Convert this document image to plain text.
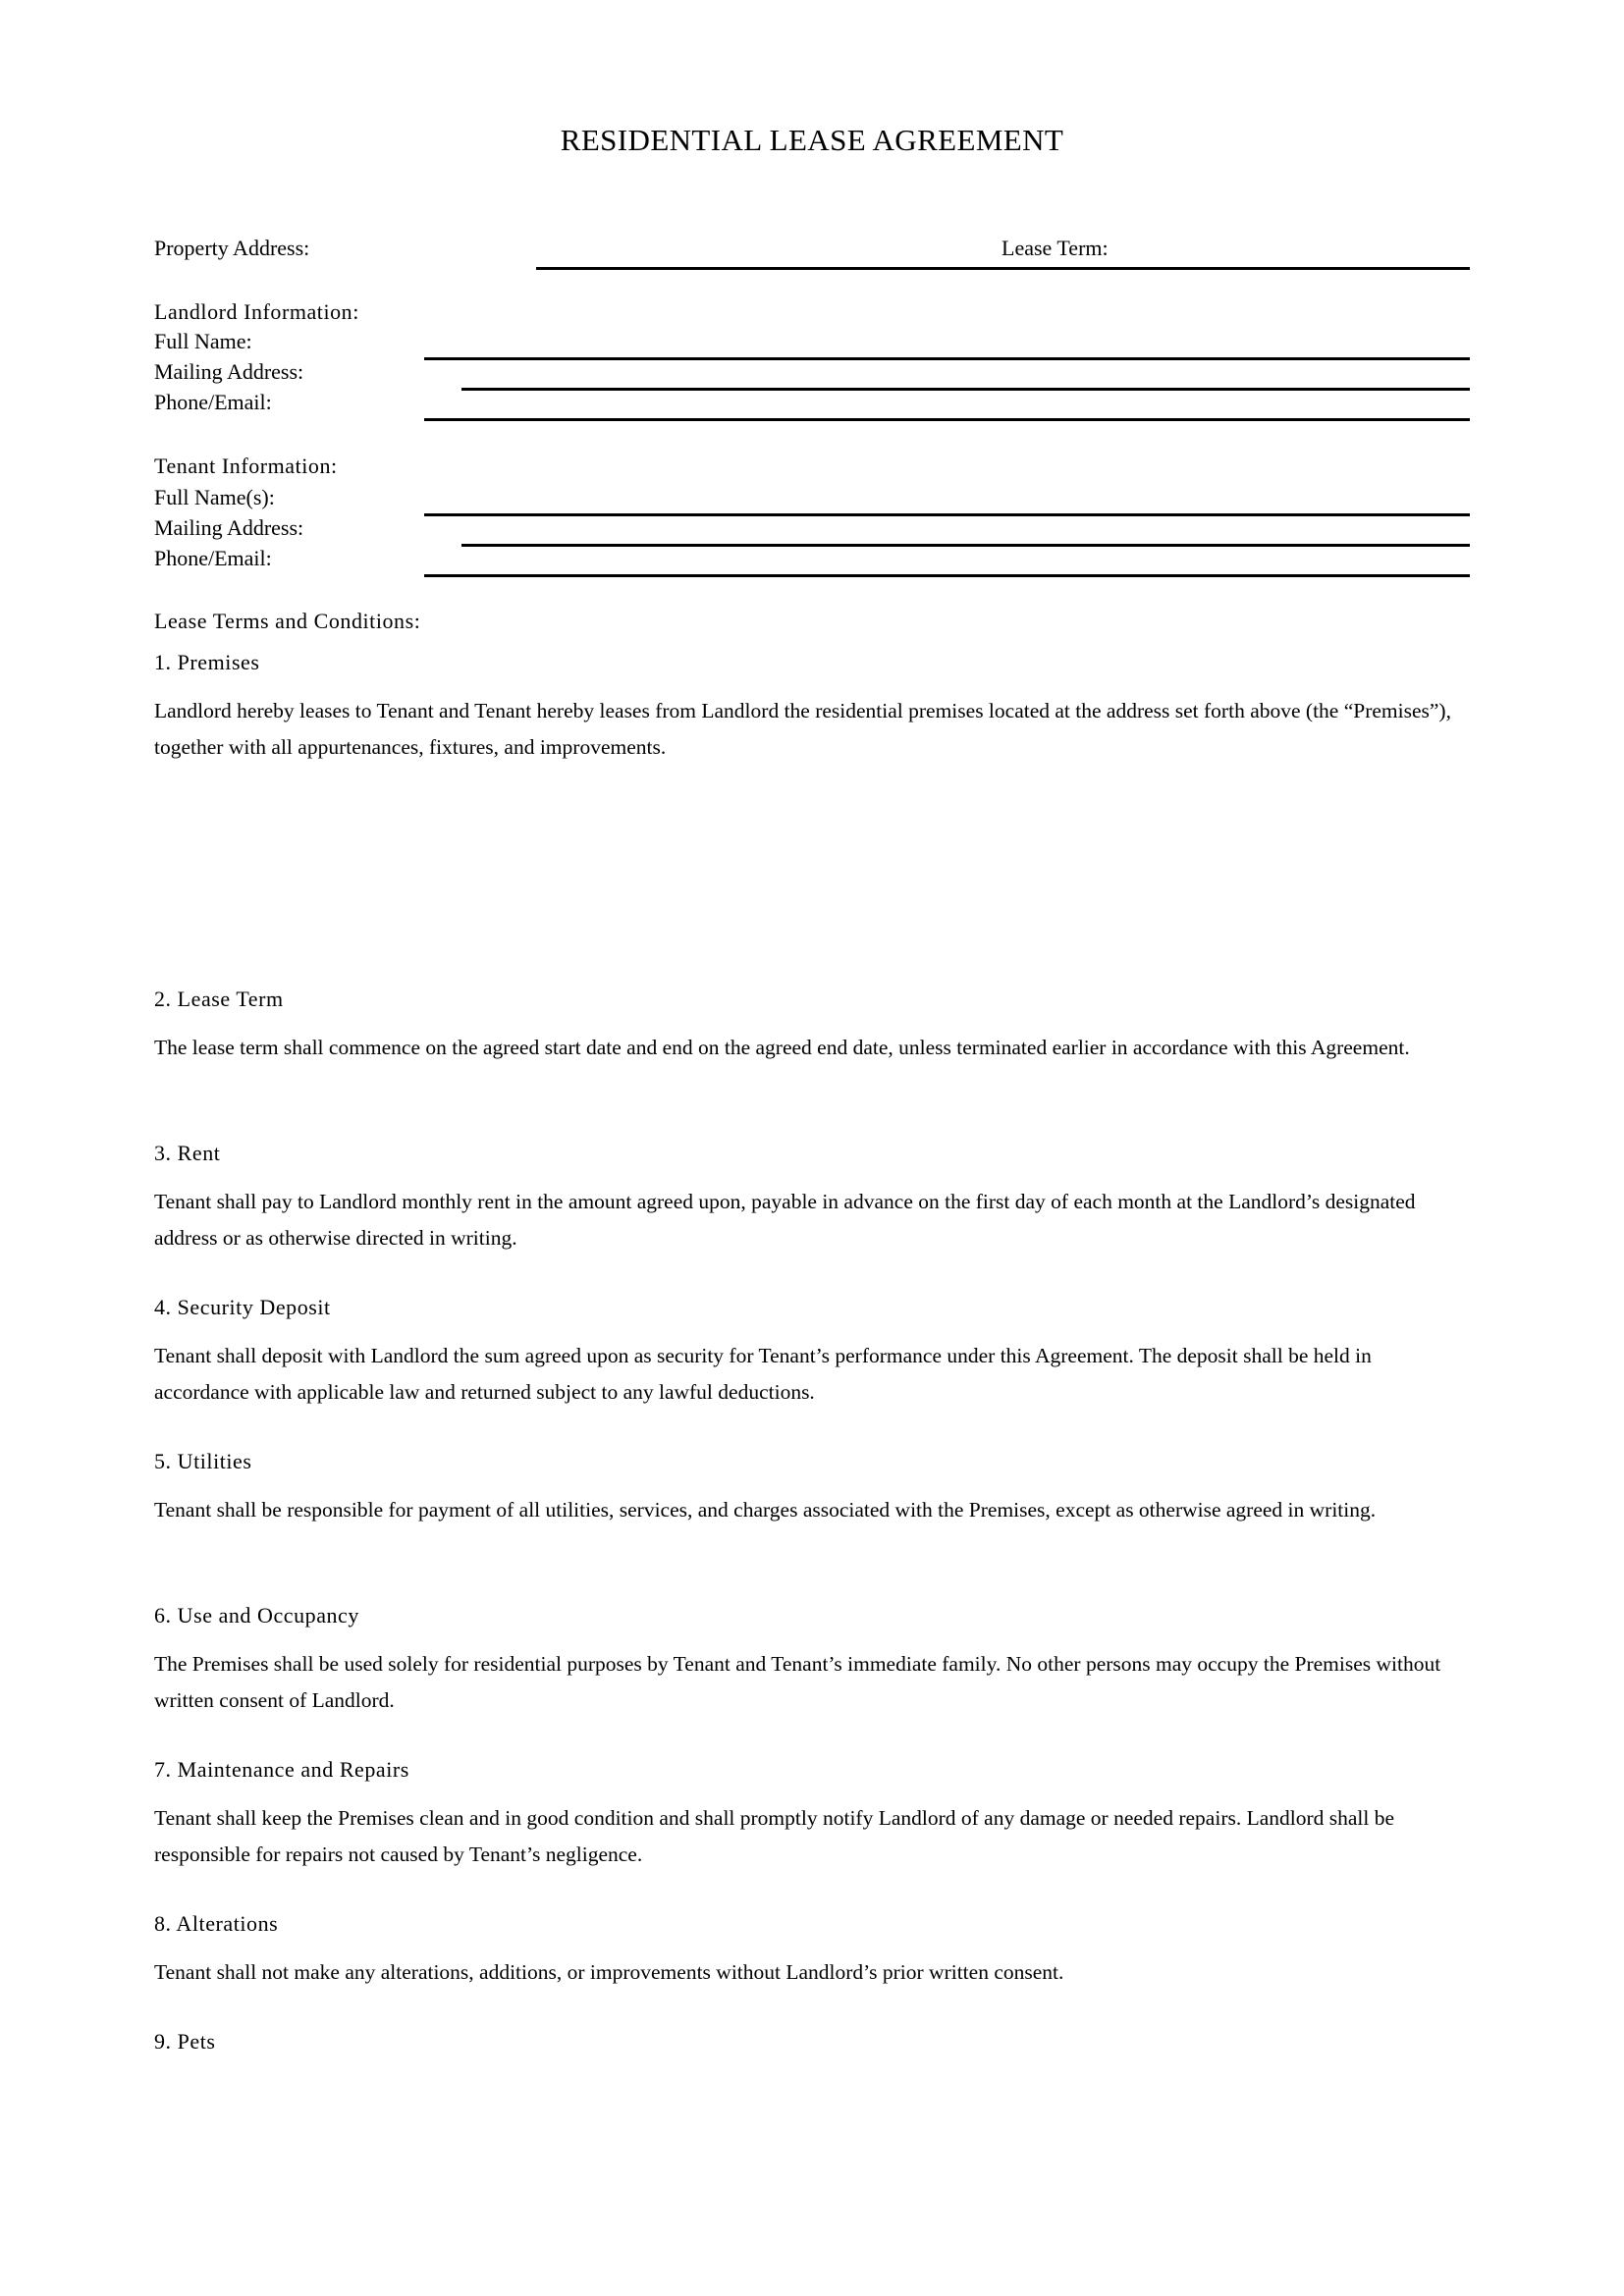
RESIDENTIAL LEASE AGREEMENT
Property Address:	Lease Term:
Landlord Information:
Full Name:
Mailing Address:
Phone/Email:
Tenant Information:
Full Name(s):
Mailing Address:
Phone/Email:
Lease Terms and Conditions:
1. Premises

Landlord hereby leases to Tenant and Tenant hereby leases from Landlord the residential premises located at the address set forth above (the “Premises”), together with all appurtenances, fixtures, and improvements.

2. Lease Term

The lease term shall commence on the agreed start date and end on the agreed end date, unless terminated earlier in accordance with this Agreement.

3. Rent

Tenant shall pay to Landlord monthly rent in the amount agreed upon, payable in advance on the first day of each month at the Landlord’s designated address or as otherwise directed in writing.

4. Security Deposit

Tenant shall deposit with Landlord the sum agreed upon as security for Tenant’s performance under this Agreement. The deposit shall be held in accordance with applicable law and returned subject to any lawful deductions.

5. Utilities

Tenant shall be responsible for payment of all utilities, services, and charges associated with the Premises, except as otherwise agreed in writing.

6. Use and Occupancy

The Premises shall be used solely for residential purposes by Tenant and Tenant’s immediate family. No other persons may occupy the Premises without written consent of Landlord.

7. Maintenance and Repairs

Tenant shall keep the Premises clean and in good condition and shall promptly notify Landlord of any damage or needed repairs. Landlord shall be responsible for repairs not caused by Tenant’s negligence.

8. Alterations

Tenant shall not make any alterations, additions, or improvements without Landlord’s prior written consent.

9. Pets
